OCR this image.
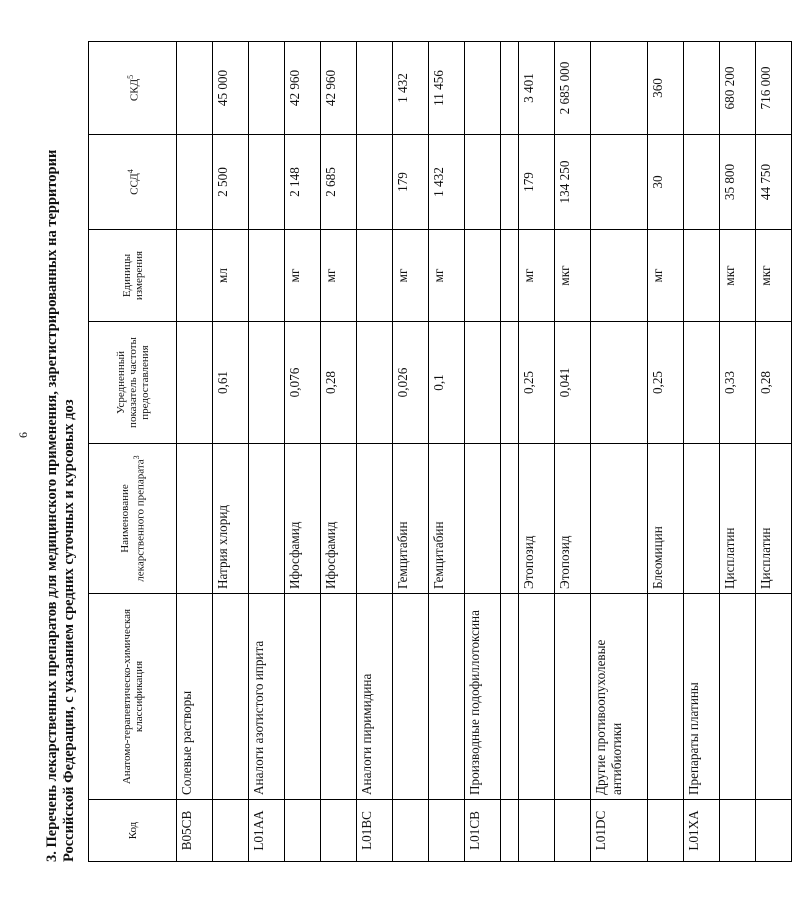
6 3. Перечень лекарственных препаратов для медицинского применения, зарегистрированных на территории Российской Федерации, с указанием средних суточных и курсовых доз	Код	Анатомо-терапевтическо-химическая классификация	Наименование лекарственного препарата$^3$	Усредненный показатель частоты предоставления	Единицы измерения	ССД$^4$	СКД$^5$
B05CB	Солевые растворы					
		Натрия хлорид	0,61	мл	2 500	45 000
L01AA	Аналоги азотистого иприта					
		Ифосфамид	0,076	мг	2 148	42 960
		Ифосфамид	0,28	мг	2 685	42 960
L01BC	Аналоги пиримидина					
		Гемцитабин	0,026	мг	179	1 432
		Гемцитабин	0,1	мг	1 432	11 456
L01CB	Производные подофиллотоксина					

		Этопозид	0,25	мг	179	3 401
		Этопозид	0,041	мкг	134 250	2 685 000
L01DC	Другие противоопухолевые антибиотики					
		Блеомицин	0,25	мг	30	360
L01XA	Препараты платины					
		Цисплатин	0,33	мкг	35 800	680 200
		Цисплатин	0,28	мкг	44 750	716 000
